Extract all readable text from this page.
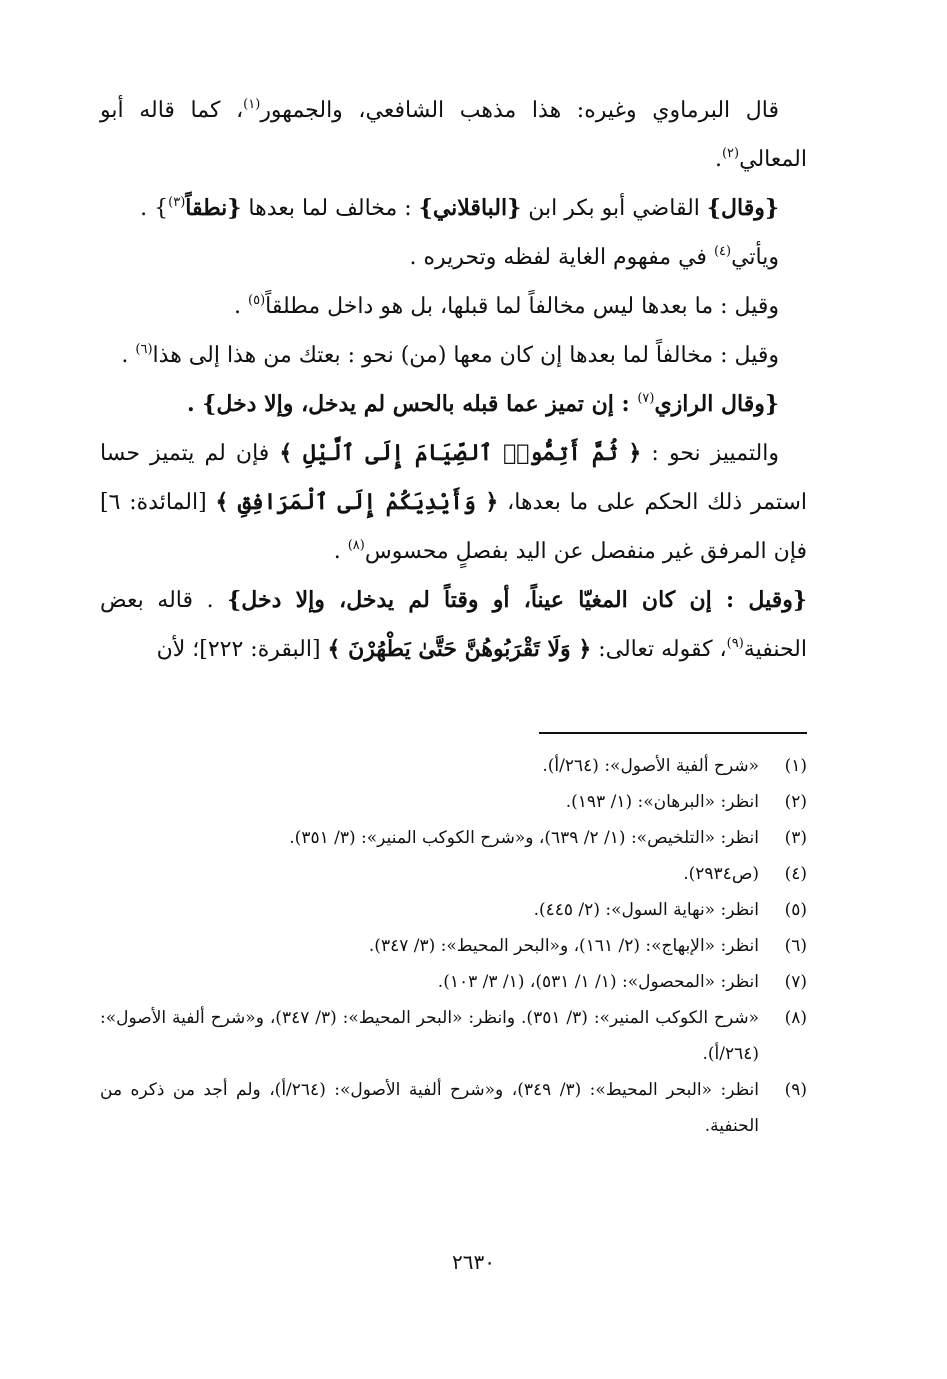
قال البرماوي وغيره: هذا مذهب الشافعي، والجمهور$^{(١)}$، كما قاله أبو المعالي$^{(٢)}$.

{وقال} القاضي أبو بكر ابن {الباقلاني} : مخالف لما بعدها {نطقاً$^{(٣)}$} .

ويأتي$^{(٤)}$ في مفهوم الغاية لفظه وتحريره .

وقيل : ما بعدها ليس مخالفاً لما قبلها، بل هو داخل مطلقاً$^{(٥)}$ .

وقيل : مخالفاً لما بعدها إن كان معها (من) نحو : بعتك من هذا إلى هذا$^{(٦)}$ .

{وقال الرازي$^{(٧)}$ : إن تميز عما قبله بالحس لم يدخل، وإلا دخل} .

والتمييز نحو : ﴿ ثُمَّ أَتِمُّوا۟ ٱلصِّيَامَ إِلَى ٱلَّيْلِ ﴾ فإن لم يتميز حسا استمر ذلك الحكم على ما بعدها، ﴿ وَأَيْدِيَكُمْ إِلَى ٱلْمَرَافِقِ ﴾ [المائدة: ٦] فإن المرفق غير منفصل عن اليد بفصلٍ محسوس$^{(٨)}$ .

{وقيل : إن كان المغيّا عيناً، أو وقتاً لم يدخل، وإلا دخل} . قاله بعض الحنفية$^{(٩)}$، كقوله تعالى: ﴿ وَلَا تَقْرَبُوهُنَّ حَتَّىٰ يَطْهُرْنَ ﴾ [البقرة: ٢٢٢]؛ لأن

(١)
«شرح ألفية الأصول»: (٢٦٤/أ).
(٢)
انظر: «البرهان»: (١/ ١٩٣).
(٣)
انظر: «التلخيص»: (١/ ٢/ ٦٣٩)، و«شرح الكوكب المنير»: (٣/ ٣٥١).
(٤)
(ص٢٩٣٤).
(٥)
انظر: «نهاية السول»: (٢/ ٤٤٥).
(٦)
انظر: «الإبهاج»: (٢/ ١٦١)، و«البحر المحيط»: (٣/ ٣٤٧).
(٧)
انظر: «المحصول»: (١/ ١/ ٥٣١)، (١/ ٣/ ١٠٣).
(٨)
«شرح الكوكب المنير»: (٣/ ٣٥١). وانظر: «البحر المحيط»: (٣/ ٣٤٧)، و«شرح ألفية الأصول»: (٢٦٤/أ).
(٩)
انظر: «البحر المحيط»: (٣/ ٣٤٩)، و«شرح ألفية الأصول»: (٢٦٤/أ)، ولم أجد من ذكره من الحنفية.
٢٦٣٠
